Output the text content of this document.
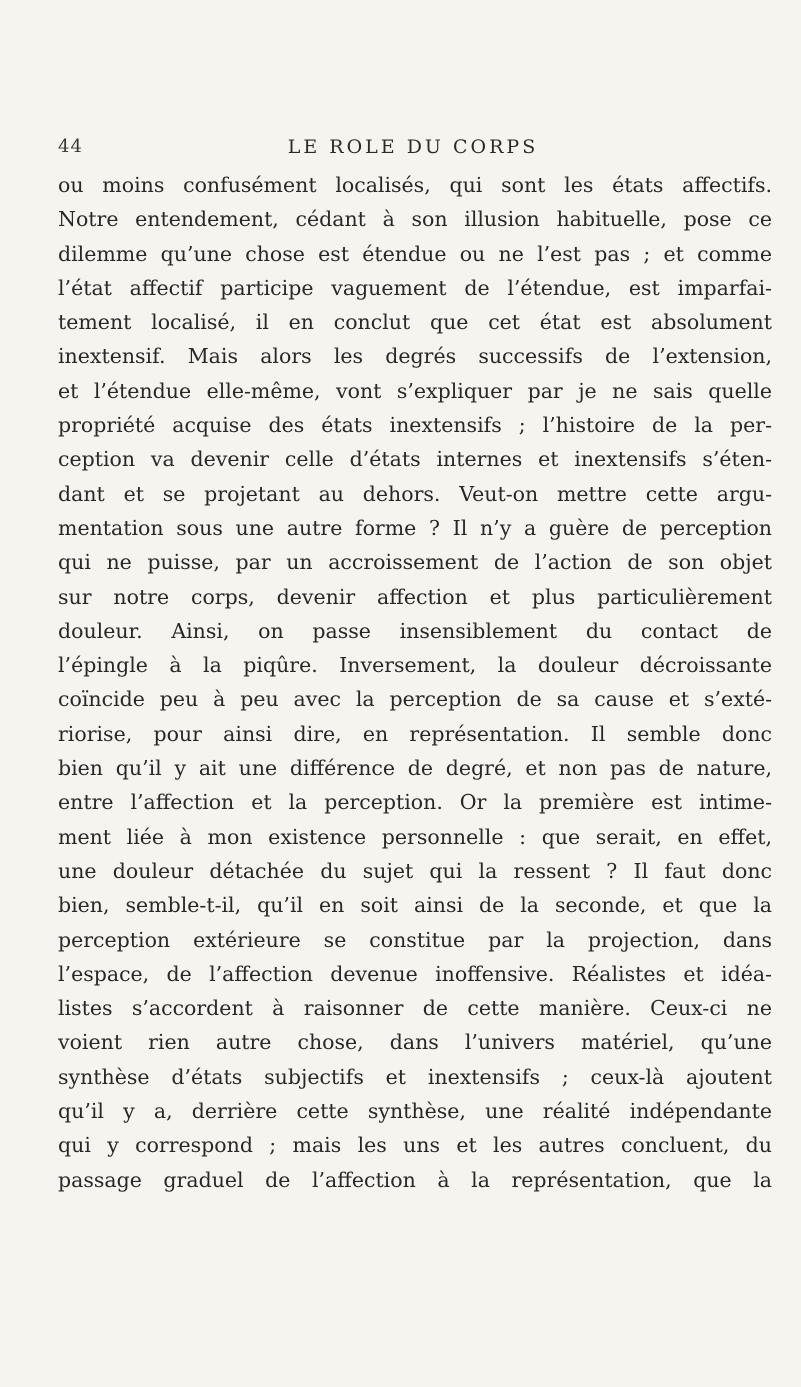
44	LE ROLE DU CORPS
ou moins confusément localisés, qui sont les états affectifs.
Notre entendement, cédant à son illusion habituelle, pose ce
dilemme qu’une chose est étendue ou ne l’est pas ; et comme
l’état affectif participe vaguement de l’étendue, est imparfai-
tement localisé, il en conclut que cet état est absolument
inextensif. Mais alors les degrés successifs de l’extension,
et l’étendue elle-même, vont s’expliquer par je ne sais quelle
propriété acquise des états inextensifs ; l’histoire de la per-
ception va devenir celle d’états internes et inextensifs s’éten-
dant et se projetant au dehors. Veut-on mettre cette argu-
mentation sous une autre forme ? Il n’y a guère de perception
qui ne puisse, par un accroissement de l’action de son objet
sur notre corps, devenir affection et plus particulièrement
douleur. Ainsi, on passe insensiblement du contact de
l’épingle à la piqûre. Inversement, la douleur décroissante
coïncide peu à peu avec la perception de sa cause et s’exté-
riorise, pour ainsi dire, en représentation. Il semble donc
bien qu’il y ait une différence de degré, et non pas de nature,
entre l’affection et la perception. Or la première est intime-
ment liée à mon existence personnelle : que serait, en effet,
une douleur détachée du sujet qui la ressent ? Il faut donc
bien, semble-t-il, qu’il en soit ainsi de la seconde, et que la
perception extérieure se constitue par la projection, dans
l’espace, de l’affection devenue inoffensive. Réalistes et idéa-
listes s’accordent à raisonner de cette manière. Ceux-ci ne
voient rien autre chose, dans l’univers matériel, qu’une
synthèse d’états subjectifs et inextensifs ; ceux-là ajoutent
qu’il y a, derrière cette synthèse, une réalité indépendante
qui y correspond ; mais les uns et les autres concluent, du
passage graduel de l’affection à la représentation, que la
